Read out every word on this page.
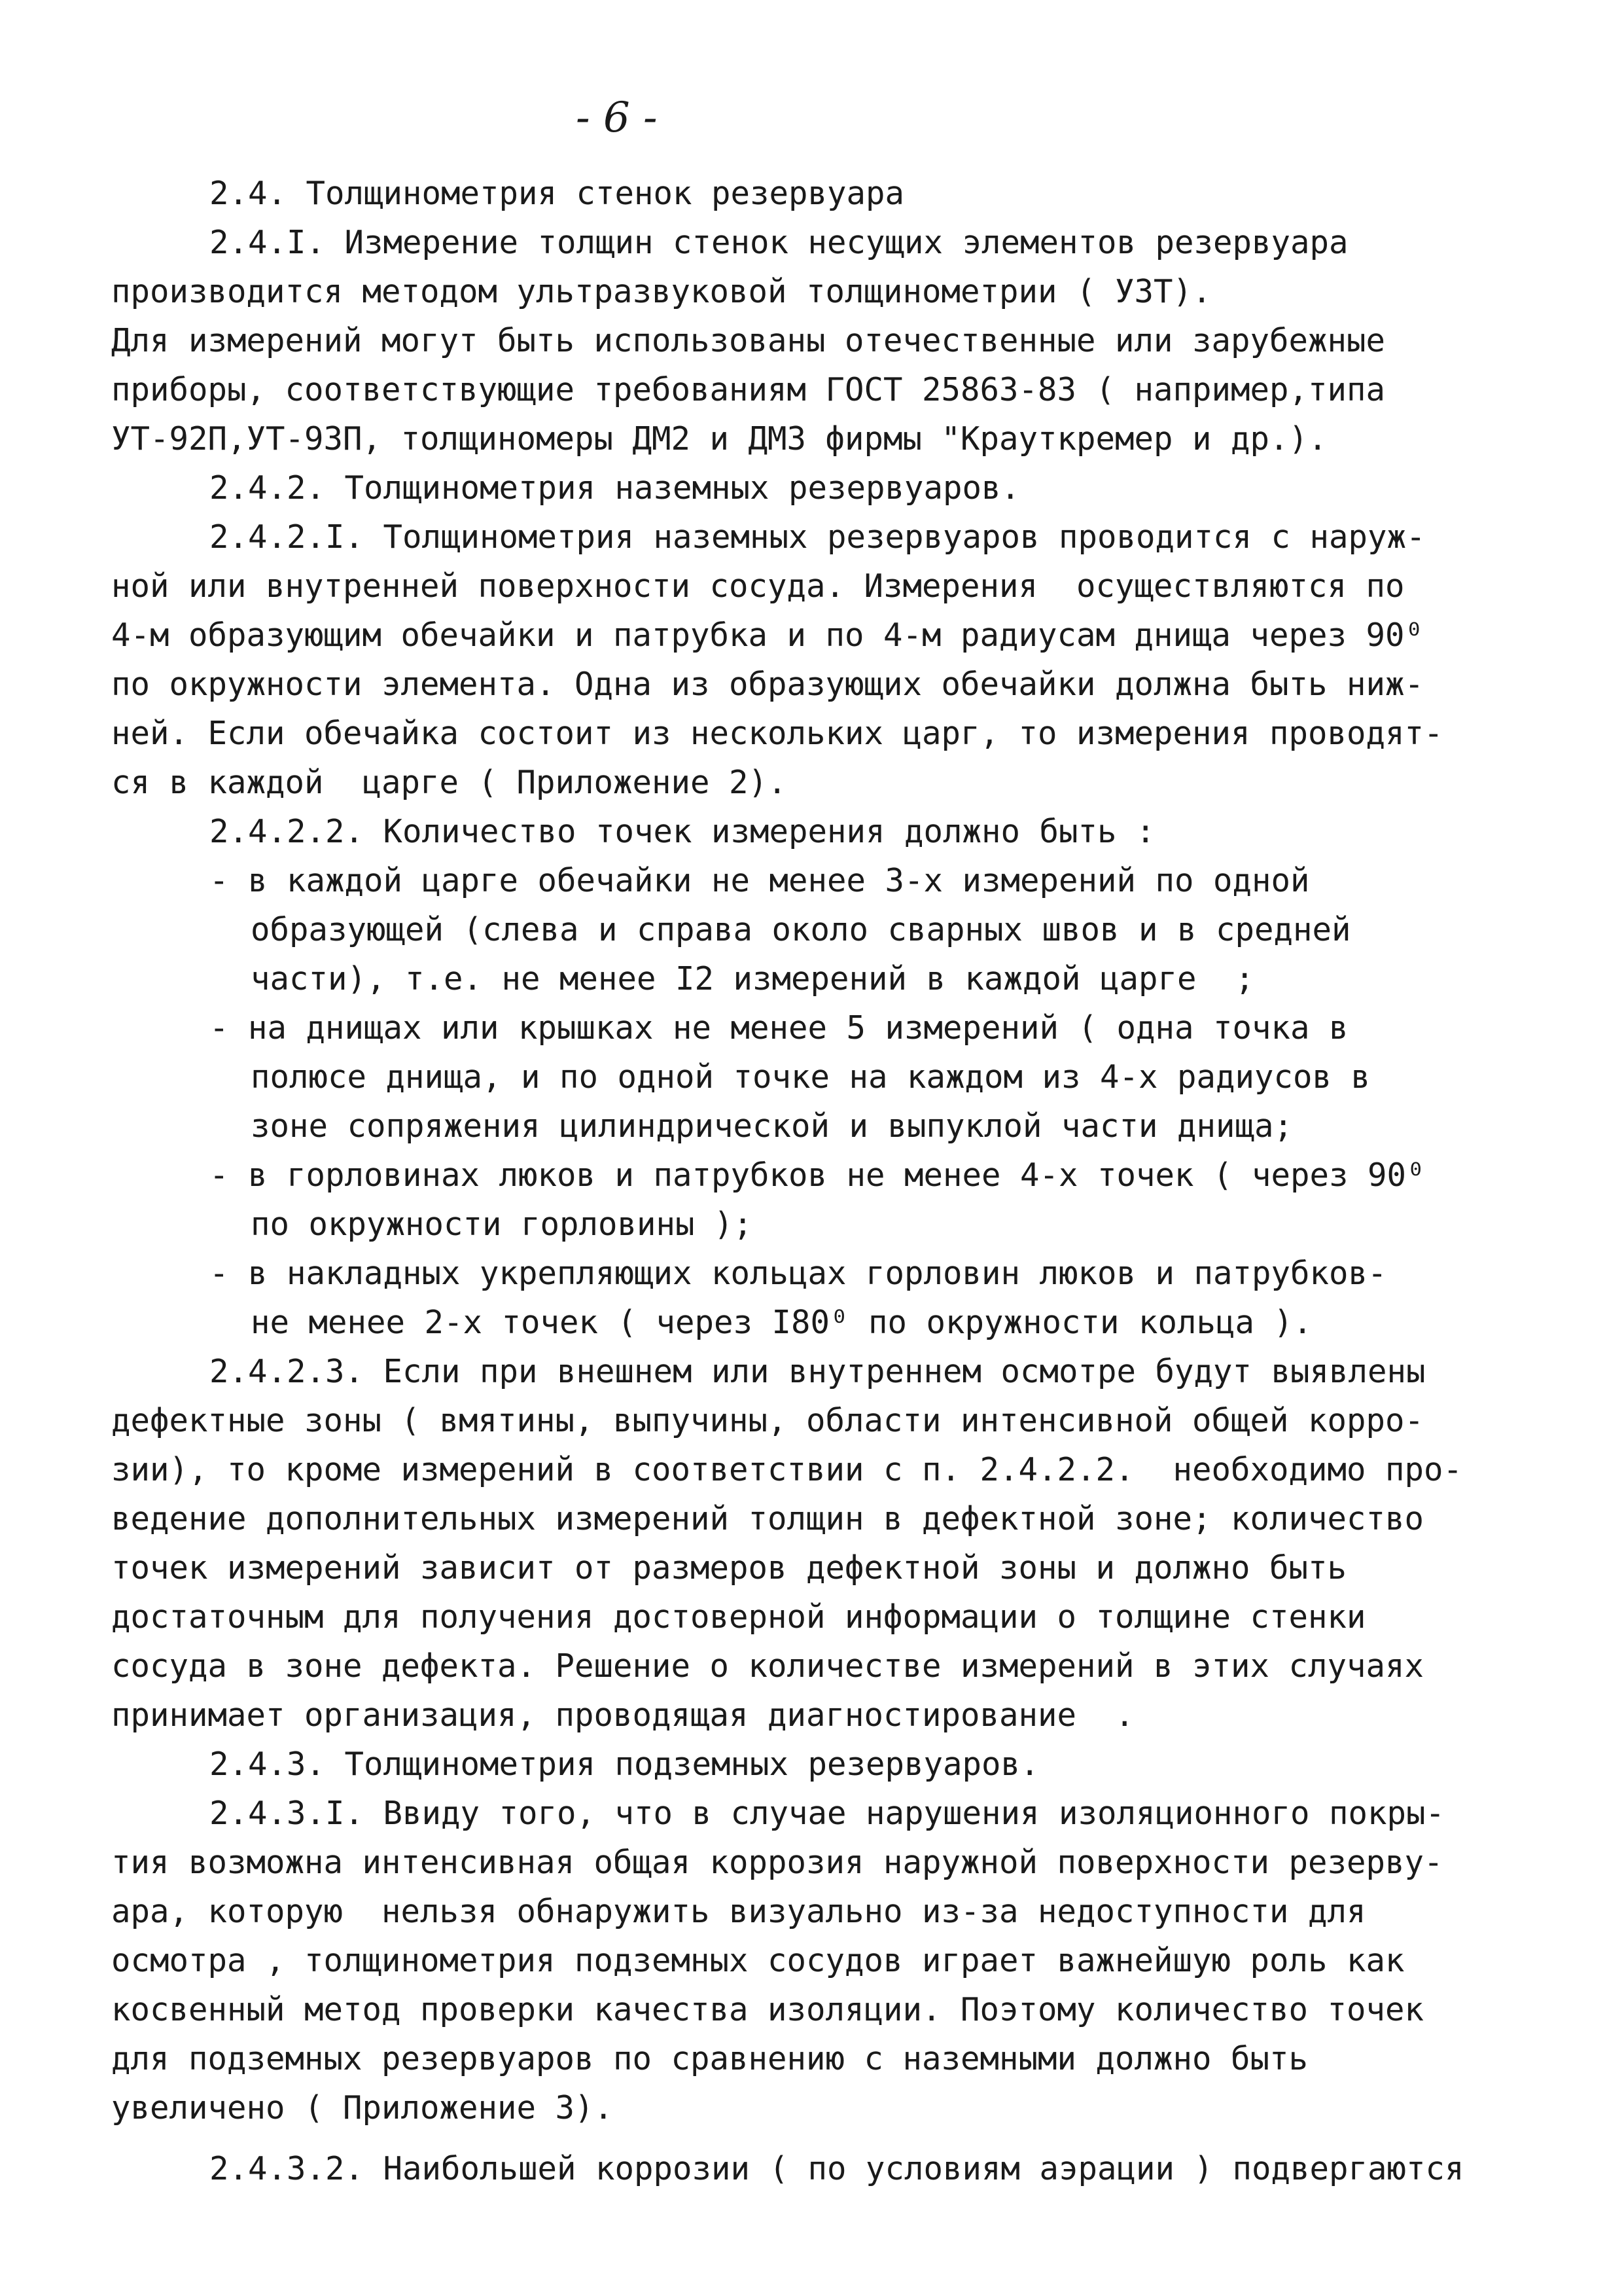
- 6 -
2.4. Толщинометрия стенок резервуара
2.4.I. Измерение толщин стенок несущих элементов резервуара
производится методом ультразвуковой толщинометрии ( УЗТ).
Для измерений могут быть использованы отечественные или зарубежные
приборы, соответствующие требованиям ГОСТ 25863-83 ( например,типа
УТ-92П,УТ-93П, толщиномеры ДМ2 и ДМ3 фирмы "Крауткремер и др.).
2.4.2. Толщинометрия наземных резервуаров.
2.4.2.I. Толщинометрия наземных резервуаров проводится с наруж-
ной или внутренней поверхности сосуда. Измерения  осуществляются по
4-м образующим обечайки и патрубка и по 4-м радиусам днища через 90⁰
по окружности элемента. Одна из образующих обечайки должна быть ниж-
ней. Если обечайка состоит из нескольких царг, то измерения проводят-
ся в каждой  царге ( Приложение 2).
2.4.2.2. Количество точек измерения должно быть :
- в каждой царге обечайки не менее 3-х измерений по одной
образующей (слева и справа около сварных швов и в средней
части), т.е. не менее I2 измерений в каждой царге  ;
- на днищах или крышках не менее 5 измерений ( одна точка в
полюсе днища, и по одной точке на каждом из 4-х радиусов в
зоне сопряжения цилиндрической и выпуклой части днища;
- в горловинах люков и патрубков не менее 4-х точек ( через 90⁰
по окружности горловины );
- в накладных укрепляющих кольцах горловин люков и патрубков-
не менее 2-х точек ( через I80⁰ по окружности кольца ).
2.4.2.3. Если при внешнем или внутреннем осмотре будут выявлены
дефектные зоны ( вмятины, выпучины, области интенсивной общей корро-
зии), то кроме измерений в соответствии с п. 2.4.2.2.  необходимо про-
ведение дополнительных измерений толщин в дефектной зоне; количество
точек измерений зависит от размеров дефектной зоны и должно быть
достаточным для получения достоверной информации о толщине стенки
сосуда в зоне дефекта. Решение о количестве измерений в этих случаях
принимает организация, проводящая диагностирование  .
2.4.3. Толщинометрия подземных резервуаров.
2.4.3.I. Ввиду того, что в случае нарушения изоляционного покры-
тия возможна интенсивная общая коррозия наружной поверхности резерву-
ара, которую  нельзя обнаружить визуально из-за недоступности для
осмотра , толщинометрия подземных сосудов играет важнейшую роль как
косвенный метод проверки качества изоляции. Поэтому количество точек
для подземных резервуаров по сравнению с наземными должно быть
увеличено ( Приложение 3).
2.4.3.2. Наибольшей коррозии ( по условиям аэрации ) подвергаются
